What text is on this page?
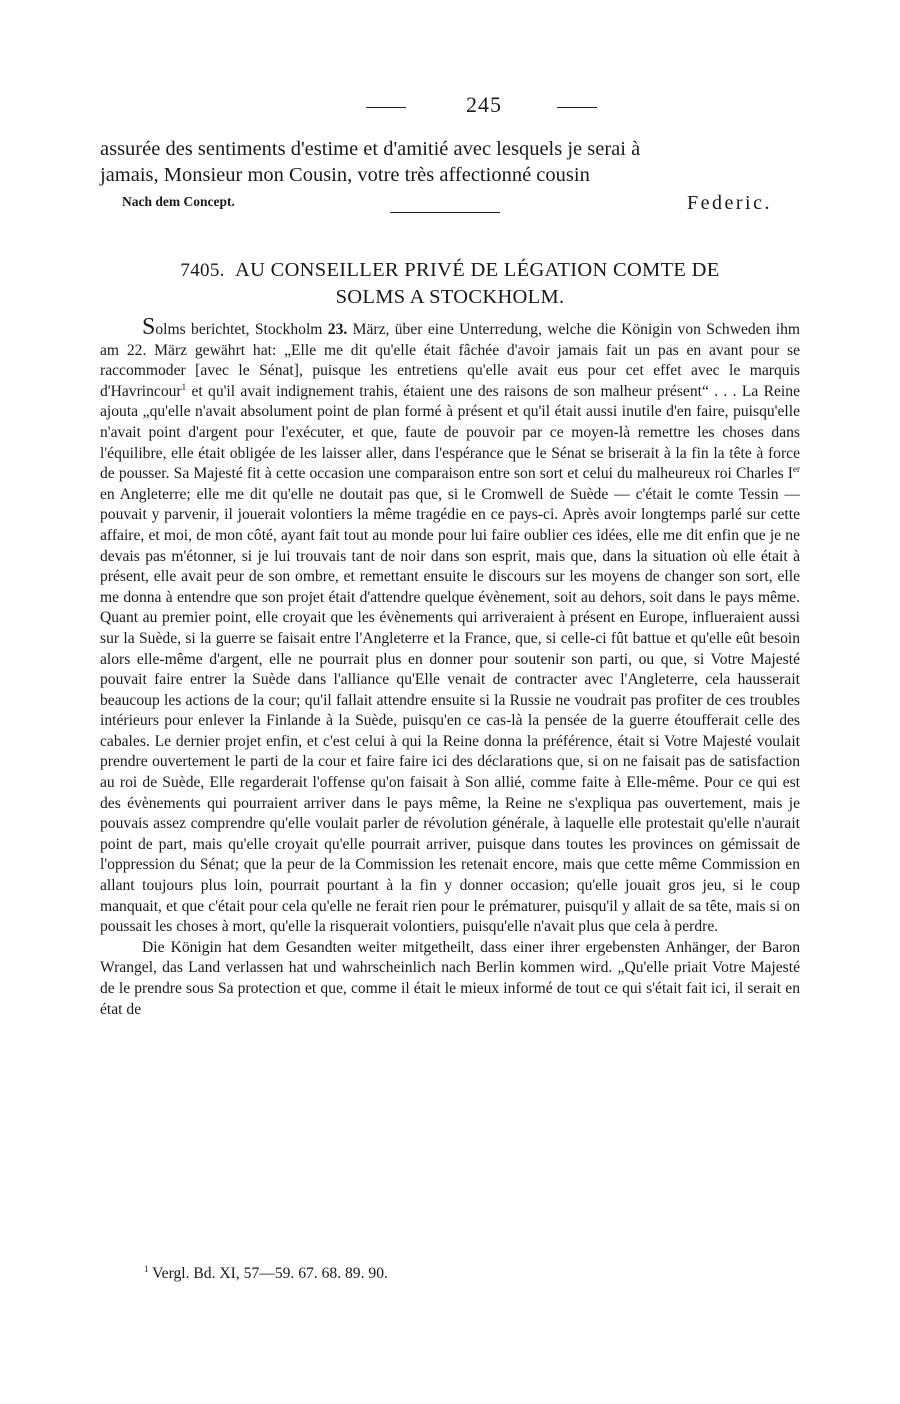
245
assurée des sentiments d'estime et d'amitié avec lesquels je serai à
jamais, Monsieur mon Cousin, votre très affectionné cousin
Nach dem Concept.	Federic.
7405. AU CONSEILLER PRIVÉ DE LÉGATION COMTE DE
SOLMS A STOCKHOLM.

Solms berichtet, Stockholm 23. März, über eine Unterredung, welche die Königin von Schweden ihm am 22. März gewährt hat: „Elle me dit qu'elle était fâchée d'avoir jamais fait un pas en avant pour se raccommoder [avec le Sénat], puisque les entretiens qu'elle avait eus pour cet effet avec le marquis d'Havrincour$^1$ et qu'il avait indignement trahis, étaient une des raisons de son malheur présent“ . . . La Reine ajouta „qu'elle n'avait absolument point de plan formé à présent et qu'il était aussi inutile d'en faire, puisqu'elle n'avait point d'argent pour l'exécuter, et que, faute de pouvoir par ce moyen-là remettre les choses dans l'équilibre, elle était obligée de les laisser aller, dans l'espérance que le Sénat se briserait à la fin la tête à force de pousser. Sa Majesté fit à cette occasion une comparaison entre son sort et celui du malheureux roi Charles Ier en Angleterre; elle me dit qu'elle ne doutait pas que, si le Cromwell de Suède — c'était le comte Tessin — pouvait y parvenir, il jouerait volontiers la même tragédie en ce pays-ci. Après avoir longtemps parlé sur cette affaire, et moi, de mon côté, ayant fait tout au monde pour lui faire oublier ces idées, elle me dit enfin que je ne devais pas m'étonner, si je lui trouvais tant de noir dans son esprit, mais que, dans la situation où elle était à présent, elle avait peur de son ombre, et remettant ensuite le discours sur les moyens de changer son sort, elle me donna à entendre que son projet était d'attendre quelque évènement, soit au dehors, soit dans le pays même. Quant au premier point, elle croyait que les évènements qui arriveraient à présent en Europe, influeraient aussi sur la Suède, si la guerre se faisait entre l'Angleterre et la France, que, si celle-ci fût battue et qu'elle eût besoin alors elle-même d'argent, elle ne pourrait plus en donner pour soutenir son parti, ou que, si Votre Majesté pouvait faire entrer la Suède dans l'alliance qu'Elle venait de contracter avec l'Angleterre, cela hausserait beaucoup les actions de la cour; qu'il fallait attendre ensuite si la Russie ne voudrait pas profiter de ces troubles intérieurs pour enlever la Finlande à la Suède, puisqu'en ce cas-là la pensée de la guerre étoufferait celle des cabales. Le dernier projet enfin, et c'est celui à qui la Reine donna la préférence, était si Votre Majesté voulait prendre ouvertement le parti de la cour et faire faire ici des déclarations que, si on ne faisait pas de satisfaction au roi de Suède, Elle regarderait l'offense qu'on faisait à Son allié, comme faite à Elle-même. Pour ce qui est des évènements qui pourraient arriver dans le pays même, la Reine ne s'expliqua pas ouvertement, mais je pouvais assez comprendre qu'elle voulait parler de révolution générale, à laquelle elle protestait qu'elle n'aurait point de part, mais qu'elle croyait qu'elle pourrait arriver, puisque dans toutes les provinces on gémissait de l'oppression du Sénat; que la peur de la Commission les retenait encore, mais que cette même Commission en allant toujours plus loin, pourrait pourtant à la fin y donner occasion; qu'elle jouait gros jeu, si le coup manquait, et que c'était pour cela qu'elle ne ferait rien pour le prématurer, puisqu'il y allait de sa tête, mais si on poussait les choses à mort, qu'elle la risquerait volontiers, puisqu'elle n'avait plus que cela à perdre.

Die Königin hat dem Gesandten weiter mitgetheilt, dass einer ihrer ergebensten Anhänger, der Baron Wrangel, das Land verlassen hat und wahrscheinlich nach Berlin kommen wird. „Qu'elle priait Votre Majesté de le prendre sous Sa protection et que, comme il était le mieux informé de tout ce qui s'était fait ici, il serait en état de

$^1$ Vergl. Bd. XI, 57—59. 67. 68. 89. 90.
